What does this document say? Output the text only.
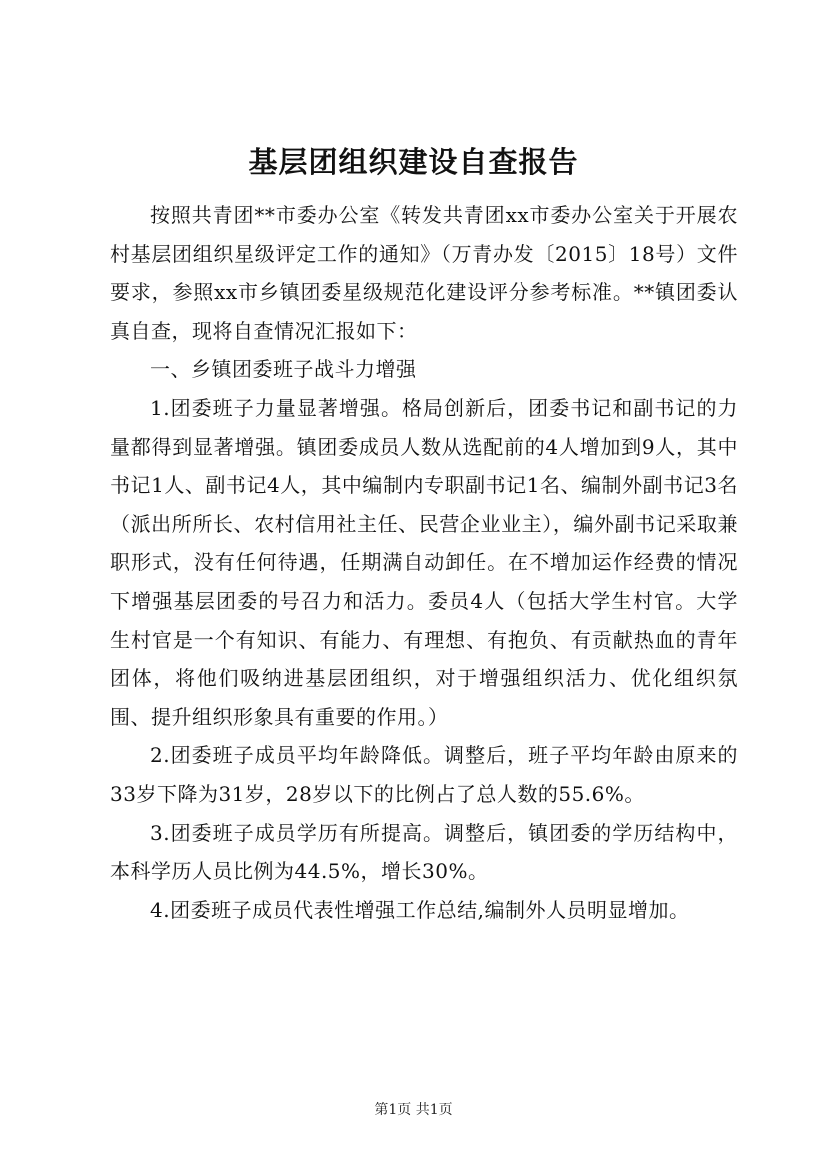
基层团组织建设自查报告

按照共青团**市委办公室《转发共青团xx市委办公室关于开展农村基层团组织星级评定工作的通知》（万青办发〔2015〕18号）文件要求，参照xx市乡镇团委星级规范化建设评分参考标准。**镇团委认真自查，现将自查情况汇报如下：

一、乡镇团委班子战斗力增强

1.团委班子力量显著增强。格局创新后，团委书记和副书记的力量都得到显著增强。镇团委成员人数从选配前的4人增加到9人，其中书记1人、副书记4人，其中编制内专职副书记1名、编制外副书记3名（派出所所长、农村信用社主任、民营企业业主），编外副书记采取兼职形式，没有任何待遇，任期满自动卸任。在不增加运作经费的情况下增强基层团委的号召力和活力。委员4人（包括大学生村官。大学生村官是一个有知识、有能力、有理想、有抱负、有贡献热血的青年团体，将他们吸纳进基层团组织，对于增强组织活力、优化组织氛围、提升组织形象具有重要的作用。）

2.团委班子成员平均年龄降低。调整后，班子平均年龄由原来的33岁下降为31岁，28岁以下的比例占了总人数的55.6%。

3.团委班子成员学历有所提高。调整后，镇团委的学历结构中，本科学历人员比例为44.5%，增长30%。

4.团委班子成员代表性增强工作总结,编制外人员明显增加。

第1页 共1页
